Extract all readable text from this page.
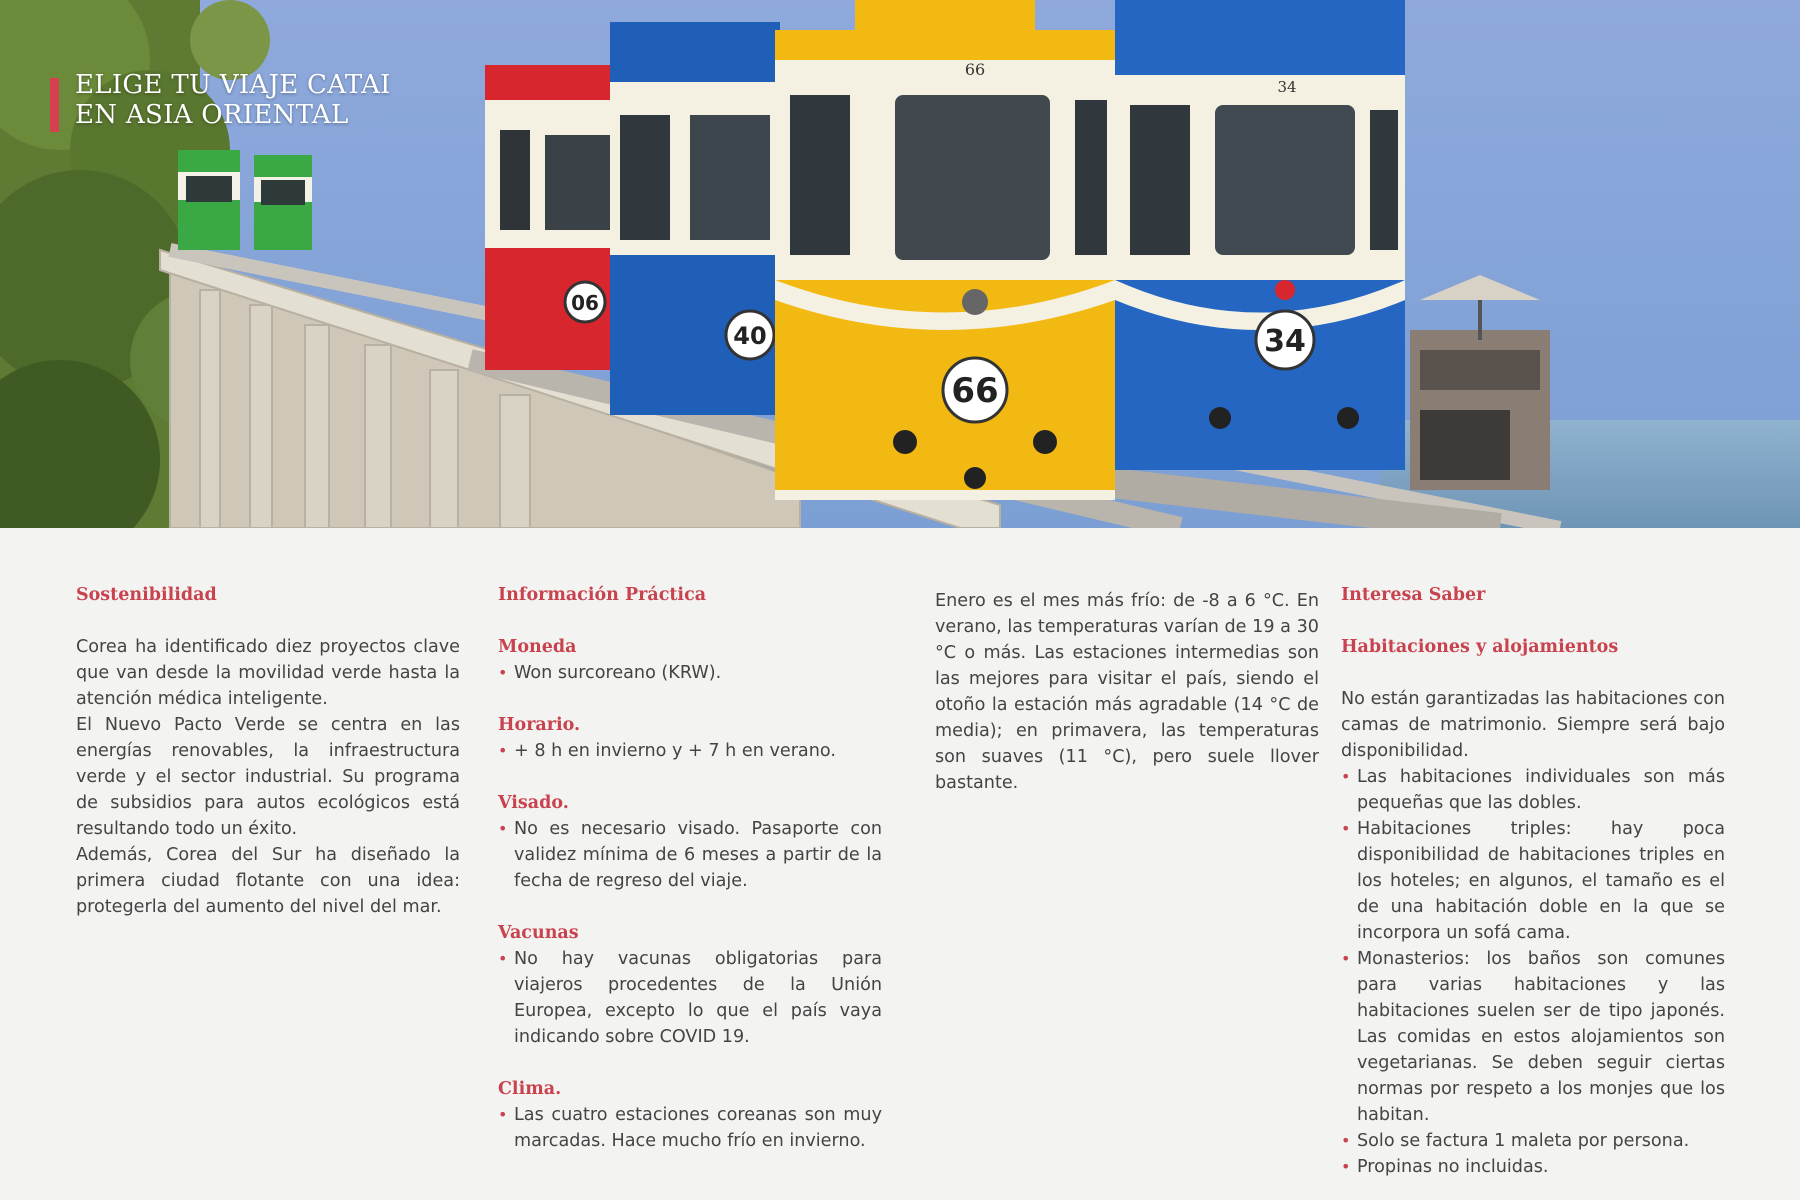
06
40
34
34
66
66
ELIGE TU VIAJE CATAI
EN ASIA ORIENTAL
Sostenibilidad

Corea ha identificado diez proyectos clave que van desde la movilidad verde hasta la atención médica inteligente.

El Nuevo Pacto Verde se centra en las energías renovables, la infraestructura verde y el sector industrial. Su programa de subsidios para autos ecológicos está resultando todo un éxito.

Además, Corea del Sur ha diseñado la primera ciudad flotante con una idea: protegerla del aumento del nivel del mar.

Información Práctica
Moneda
• Won surcoreano (KRW).
Horario.
• + 8 h en invierno y + 7 h en verano.
Visado.
• No es necesario visado. Pasaporte con validez mínima de 6 meses a partir de la fecha de regreso del viaje.
Vacunas
• No hay vacunas obligatorias para viajeros procedentes de la Unión Europea, excepto lo que el país vaya indicando sobre COVID 19.
Clima.
• Las cuatro estaciones coreanas son muy marcadas. Hace mucho frío en invierno.

Enero es el mes más frío: de -8 a 6 °C. En verano, las temperaturas varían de 19 a 30 °C o más. Las estaciones intermedias son las mejores para visitar el país, siendo el otoño la estación más agradable (14 °C de media); en primavera, las temperaturas son suaves (11 °C), pero suele llover bastante.

Interesa Saber
Habitaciones y alojamientos

No están garantizadas las habitaciones con camas de matrimonio. Siempre será bajo disponibilidad.

• Las habitaciones individuales son más pequeñas que las dobles.
• Habitaciones triples: hay poca disponibilidad de habitaciones triples en los hoteles; en algunos, el tamaño es el de una habitación doble en la que se incorpora un sofá cama.
• Monasterios: los baños son comunes para varias habitaciones y las habitaciones suelen ser de tipo japonés. Las comidas en estos alojamientos son vegetarianas. Se deben seguir ciertas normas por respeto a los monjes que los habitan.
• Solo se factura 1 maleta por persona.
• Propinas no incluidas.
